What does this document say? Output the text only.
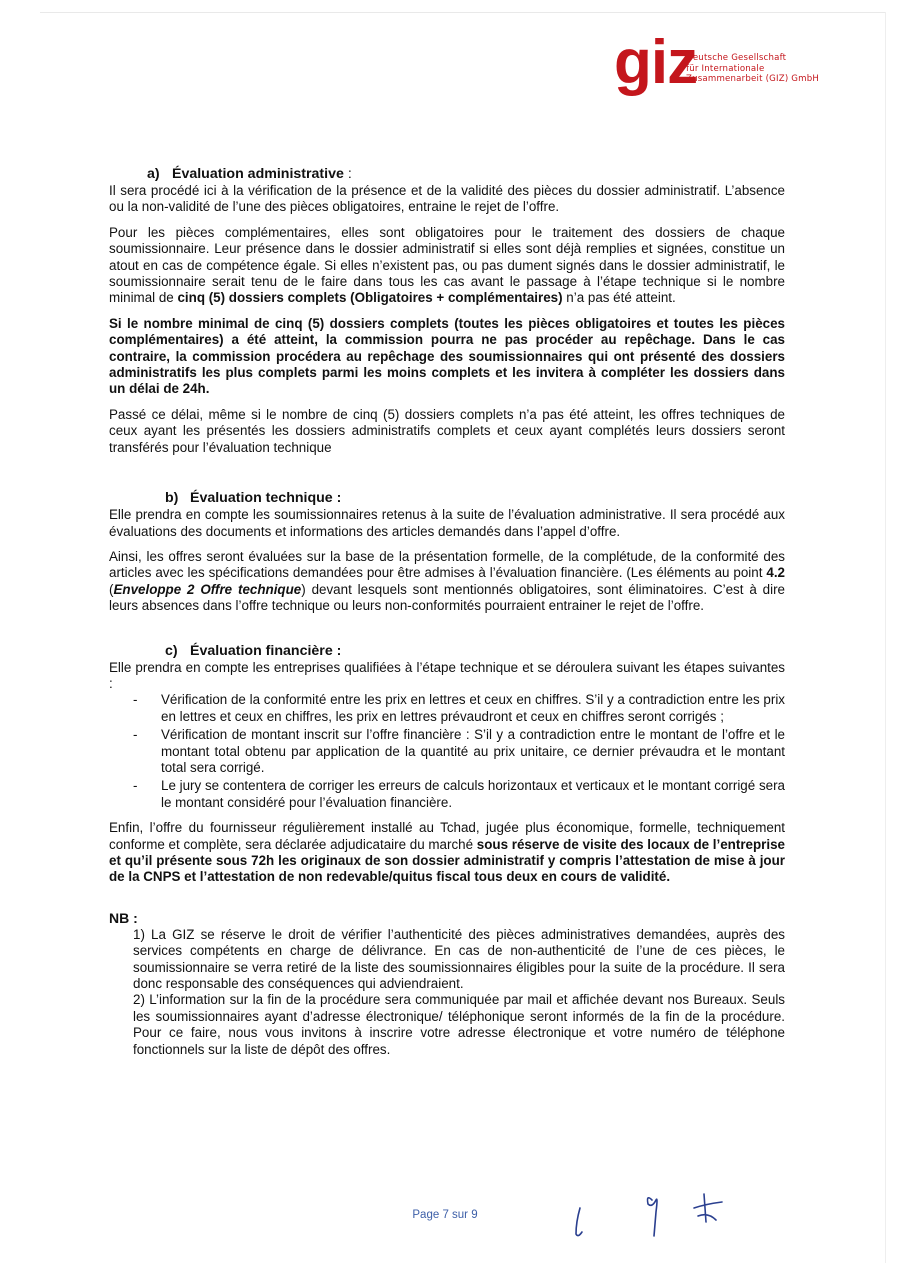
giz
Deutsche Gesellschaft
für Internationale
Zusammenarbeit (GIZ) GmbH
a) Évaluation administrative :

Il sera procédé ici à la vérification de la présence et de la validité des pièces du dossier administratif. L’absence ou la non-validité de l’une des pièces obligatoires, entraine le rejet de l’offre.

Pour les pièces complémentaires, elles sont obligatoires pour le traitement des dossiers de chaque soumissionnaire. Leur présence dans le dossier administratif si elles sont déjà remplies et signées, constitue un atout en cas de compétence égale. Si elles n’existent pas, ou pas dument signés dans le dossier administratif, le soumissionnaire serait tenu de le faire dans tous les cas avant le passage à l’étape technique si le nombre minimal de cinq (5) dossiers complets (Obligatoires + complémentaires) n’a pas été atteint.

Si le nombre minimal de cinq (5) dossiers complets (toutes les pièces obligatoires et toutes les pièces complémentaires) a été atteint, la commission pourra ne pas procéder au repêchage. Dans le cas contraire, la commission procédera au repêchage des soumissionnaires qui ont présenté des dossiers administratifs les plus complets parmi les moins complets et les invitera à compléter les dossiers dans un délai de 24h.

Passé ce délai, même si le nombre de cinq (5) dossiers complets n’a pas été atteint, les offres techniques de ceux ayant les présentés les dossiers administratifs complets et ceux ayant complétés leurs dossiers seront transférés pour l’évaluation technique

b) Évaluation technique :

Elle prendra en compte les soumissionnaires retenus à la suite de l’évaluation administrative. Il sera procédé aux évaluations des documents et informations des articles demandés dans l’appel d’offre.

Ainsi, les offres seront évaluées sur la base de la présentation formelle, de la complétude, de la conformité des articles avec les spécifications demandées pour être admises à l’évaluation financière. (Les éléments au point 4.2 (Enveloppe 2 Offre technique) devant lesquels sont mentionnés obligatoires, sont éliminatoires. C’est à dire leurs absences dans l’offre technique ou leurs non-conformités pourraient entrainer le rejet de l’offre.

c) Évaluation financière :

Elle prendra en compte les entreprises qualifiées à l’étape technique et se déroulera suivant les étapes suivantes :

- Vérification de la conformité entre les prix en lettres et ceux en chiffres. S’il y a contradiction entre les prix en lettres et ceux en chiffres, les prix en lettres prévaudront et ceux en chiffres seront corrigés ;
- Vérification de montant inscrit sur l’offre financière : S’il y a contradiction entre le montant de l’offre et le montant total obtenu par application de la quantité au prix unitaire, ce dernier prévaudra et le montant total sera corrigé.
- Le jury se contentera de corriger les erreurs de calculs horizontaux et verticaux et le montant corrigé sera le montant considéré pour l’évaluation financière.

Enfin, l’offre du fournisseur régulièrement installé au Tchad, jugée plus économique, formelle, techniquement conforme et complète, sera déclarée adjudicataire du marché sous réserve de visite des locaux de l’entreprise et qu’il présente sous 72h les originaux de son dossier administratif y compris l’attestation de mise à jour de la CNPS et l’attestation de non redevable/quitus fiscal tous deux en cours de validité.

NB :

1) La GIZ se réserve le droit de vérifier l’authenticité des pièces administratives demandées, auprès des services compétents en charge de délivrance. En cas de non-authenticité de l’une de ces pièces, le soumissionnaire se verra retiré de la liste des soumissionnaires éligibles pour la suite de la procédure. Il sera donc responsable des conséquences qui adviendraient.

2) L’information sur la fin de la procédure sera communiquée par mail et affichée devant nos Bureaux. Seuls les soumissionnaires ayant d’adresse électronique/ téléphonique seront informés de la fin de la procédure. Pour ce faire, nous vous invitons à inscrire votre adresse électronique et votre numéro de téléphone fonctionnels sur la liste de dépôt des offres.

Page 7 sur 9
